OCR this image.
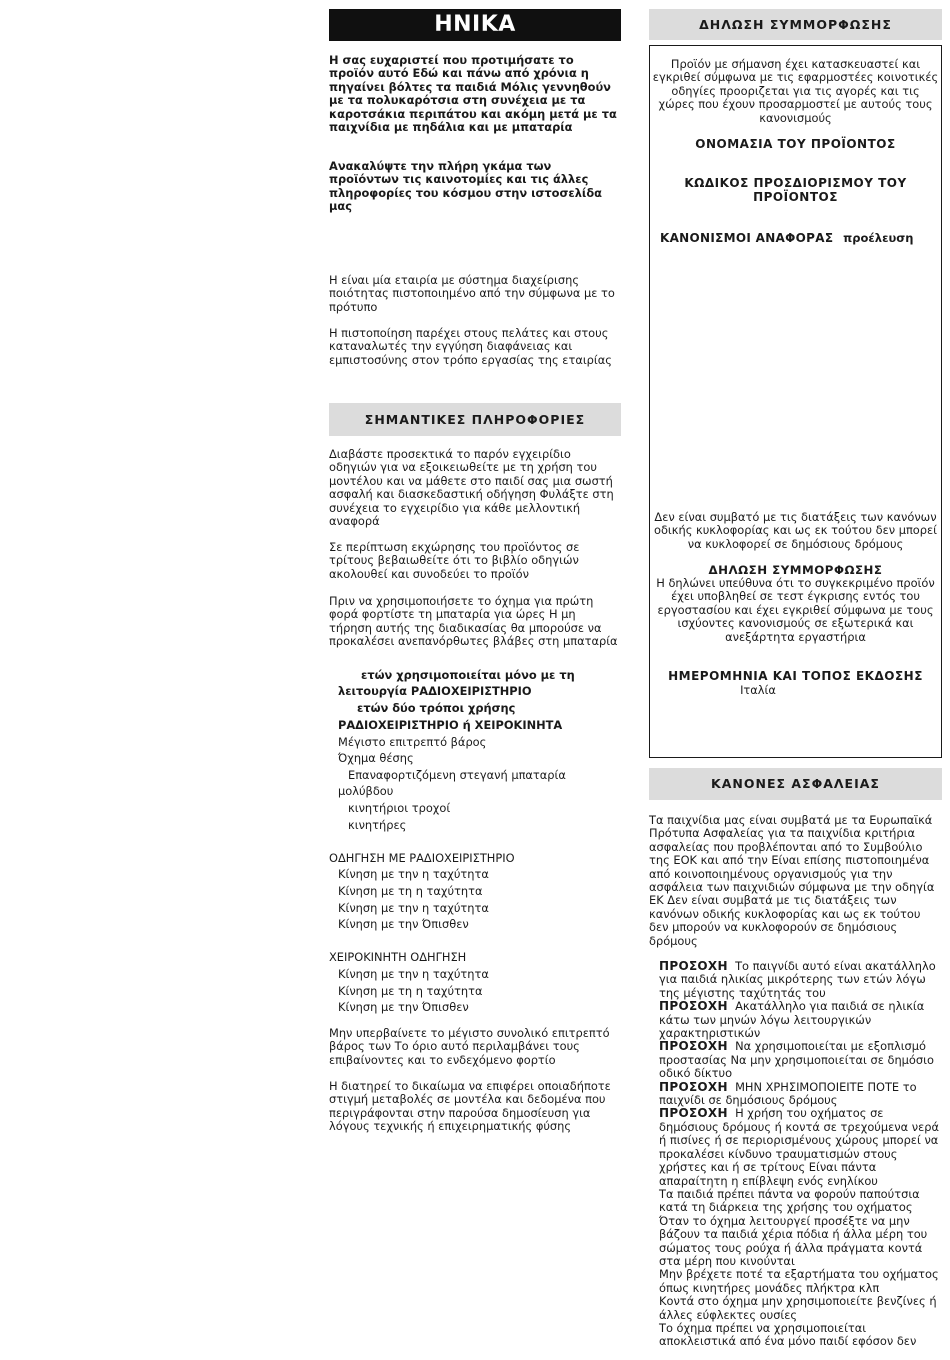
ΗΝΙΚΑ

Η σας ευχαριστεί που προτιμήσατε το προϊόν αυτό Εδώ και πάνω από χρόνια η πηγαίνει βόλτες τα παιδιά Μόλις γεννηθούν με τα πολυκαρότσια στη συνέχεια με τα καροτσάκια περιπάτου και ακόμη μετά με τα παιχνίδια με πηδάλια και με μπαταρία

Ανακαλύψτε την πλήρη γκάμα των προϊόντων τις καινοτομίες και τις άλλες πληροφορίες του κόσμου στην ιστοσελίδα μας

Η είναι μία εταιρία με σύστημα διαχείρισης ποιότητας πιστοποιημένο από την σύμφωνα με το πρότυπο

Η πιστοποίηση παρέχει στους πελάτες και στους καταναλωτές την εγγύηση διαφάνειας και εμπιστοσύνης στον τρόπο εργασίας της εταιρίας

ΣΗΜΑΝΤΙΚΕΣ ΠΛΗΡΟΦΟΡΙΕΣ

Διαβάστε προσεκτικά το παρόν εγχειρίδιο οδηγιών για να εξοικειωθείτε με τη χρήση του μοντέλου και να μάθετε στο παιδί σας μια σωστή ασφαλή και διασκεδαστική οδήγηση Φυλάξτε στη συνέχεια το εγχειρίδιο για κάθε μελλοντική αναφορά

Σε περίπτωση εκχώρησης του προϊόντος σε τρίτους βεβαιωθείτε ότι το βιβλίο οδηγιών ακολουθεί και συνοδεύει το προϊόν

Πριν να χρησιμοποιήσετε το όχημα για πρώτη φορά φορτίστε τη μπαταρία για ώρες Η μη τήρηση αυτής της διαδικασίας θα μπορούσε να προκαλέσει ανεπανόρθωτες βλάβες στη μπαταρία

ετών χρησιμοποιείται μόνο με τη
λειτουργία ΡΑΔΙΟΧΕΙΡΙΣΤΗΡΙΟ
ετών δύο τρόποι χρήσης
ΡΑΔΙΟΧΕΙΡΙΣΤΗΡΙΟ ή ΧΕΙΡΟΚΙΝΗΤΑ
Μέγιστο επιτρεπτό βάρος
Όχημα θέσης
Επαναφορτιζόμενη στεγανή μπαταρία
μολύβδου
κινητήριοι τροχοί
κινητήρες
ΟΔΗΓΗΣΗ ΜΕ ΡΑΔΙΟΧΕΙΡΙΣΤΗΡΙΟ
Κίνηση με την η ταχύτητα
Κίνηση με τη η ταχύτητα
Κίνηση με την η ταχύτητα
Κίνηση με την Όπισθεν
ΧΕΙΡΟΚΙΝΗΤΗ ΟΔΗΓΗΣΗ
Κίνηση με την η ταχύτητα
Κίνηση με τη η ταχύτητα
Κίνηση με την Όπισθεν

Μην υπερβαίνετε το μέγιστο συνολικό επιτρεπτό βάρος των Το όριο αυτό περιλαμβάνει τους επιβαίνοντες και το ενδεχόμενο φορτίο

Η διατηρεί το δικαίωμα να επιφέρει οποιαδήποτε στιγμή μεταβολές σε μοντέλα και δεδομένα που περιγράφονται στην παρούσα δημοσίευση για λόγους τεχνικής ή επιχειρηματικής φύσης

ΔΗΛΩΣΗ ΣΥΜΜΟΡΦΩΣΗΣ

Προϊόν με σήμανση έχει κατασκευαστεί και εγκριθεί σύμφωνα με τις εφαρμοστέες κοινοτικές οδηγίες προοριζεται για τις αγορές και τις χώρες που έχουν προσαρμοστεί με αυτούς τους κανονισμούς

ΟΝΟΜΑΣΙΑ ΤΟΥ ΠΡΟΪΟΝΤΟΣ
ΚΩΔΙΚΟΣ ΠΡΟΣΔΙΟΡΙΣΜΟΥ ΤΟΥ ΠΡΟΪΟΝΤΟΣ
ΚΑΝΟΝΙΣΜΟΙ ΑΝΑΦΟΡΑΣ προέλευση

Δεν είναι συμβατό με τις διατάξεις των κανόνων οδικής κυκλοφορίας και ως εκ τούτου δεν μπορεί να κυκλοφορεί σε δημόσιους δρόμους

ΔΗΛΩΣΗ ΣΥΜΜΟΡΦΩΣΗΣ

Η δηλώνει υπεύθυνα ότι το συγκεκριμένο προϊόν έχει υποβληθεί σε τεστ έγκρισης εντός του εργοστασίου και έχει εγκριθεί σύμφωνα με τους ισχύοντες κανονισμούς σε εξωτερικά και ανεξάρτητα εργαστήρια

ΗΜΕΡΟΜΗΝΙΑ ΚΑΙ ΤΟΠΟΣ ΕΚΔΟΣΗΣ
Ιταλία
ΚΑΝΟΝΕΣ ΑΣΦΑΛΕΙΑΣ

Τα παιχνίδια μας είναι συμβατά με τα Ευρωπαϊκά Πρότυπα Ασφαλείας για τα παιχνίδια κριτήρια ασφαλείας που προβλέπονται από το Συμβούλιο της ΕΟΚ και από την Είναι επίσης πιστοποιημένα από κοινοποιημένους οργανισμούς για την ασφάλεια των παιχνιδιών σύμφωνα με την οδηγία ΕΚ Δεν είναι συμβατά με τις διατάξεις των κανόνων οδικής κυκλοφορίας και ως εκ τούτου δεν μπορούν να κυκλοφορούν σε δημόσιους δρόμους

ΠΡΟΣΟΧΗ Το παιγνίδι αυτό είναι ακατάλληλο για παιδιά ηλικίας μικρότερης των ετών λόγω της μέγιστης ταχύτητάς του

ΠΡΟΣΟΧΗ Ακατάλληλο για παιδιά σε ηλικία κάτω των μηνών λόγω λειτουργικών χαρακτηριστικών

ΠΡΟΣΟΧΗ Να χρησιμοποιείται με εξοπλισμό προστασίας Να μην χρησιμοποιείται σε δημόσιο οδικό δίκτυο

ΠΡΟΣΟΧΗ ΜΗΝ ΧΡΗΣΙΜΟΠΟΙΕΙΤΕ ΠΟΤΕ το παιχνίδι σε δημόσιους δρόμους

ΠΡΟΣΟΧΗ Η χρήση του οχήματος σε δημόσιους δρόμους ή κοντά σε τρεχούμενα νερά ή πισίνες ή σε περιορισμένους χώρους μπορεί να προκαλέσει κίνδυνο τραυματισμών στους χρήστες και ή σε τρίτους Είναι πάντα απαραίτητη η επίβλεψη ενός ενηλίκου

Τα παιδιά πρέπει πάντα να φορούν παπούτσια κατά τη διάρκεια της χρήσης του οχήματος

Όταν το όχημα λειτουργεί προσέξτε να μην βάζουν τα παιδιά χέρια πόδια ή άλλα μέρη του σώματος τους ρούχα ή άλλα πράγματα κοντά στα μέρη που κινούνται

Μην βρέχετε ποτέ τα εξαρτήματα του οχήματος όπως κινητήρες μονάδες πλήκτρα κλπ

Κοντά στο όχημα μην χρησιμοποιείτε βενζίνες ή άλλες εύφλεκτες ουσίες

Το όχημα πρέπει να χρησιμοποιείται αποκλειστικά από ένα μόνο παιδί εφόσον δεν
